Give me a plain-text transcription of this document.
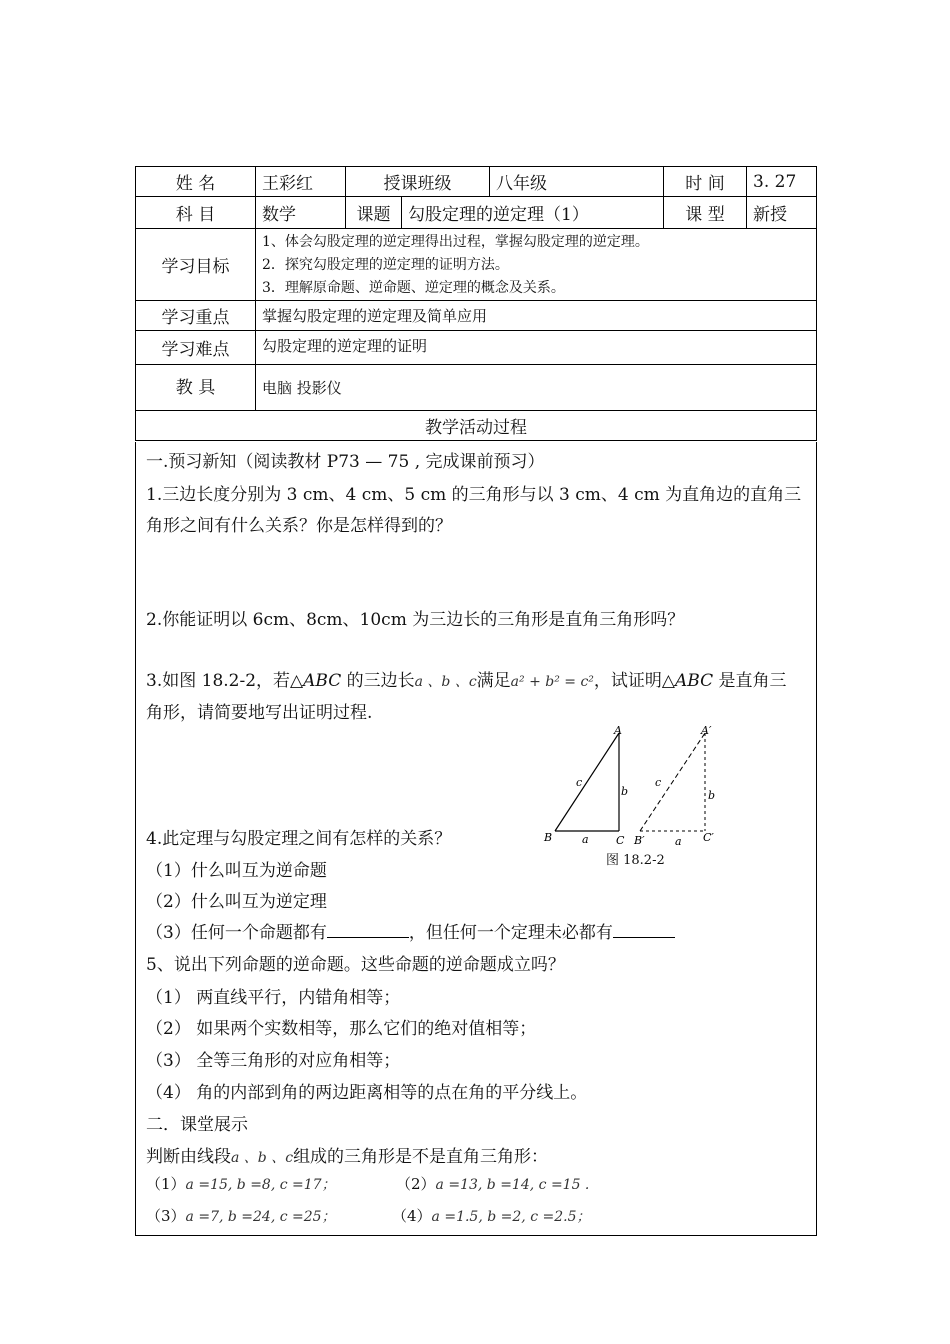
姓 名	王彩红	授课班级		八年级	时 间	3. 27
科 目	数学	课题	勾股定理的逆定理（1）		课 型	新授
学习目标	1、体会勾股定理的逆定理得出过程，掌握勾股定理的逆定理。
2．探究勾股定理的逆定理的证明方法。
3．理解原命题、逆命题、逆定理的概念及关系。					

学习重点	掌握勾股定理的逆定理及简单应用					
学习难点	勾股定理的逆定理的证明					
教 具	电脑 投影仪					
教学活动过程						
一.预习新知（阅读教材 P73 — 75 , 完成课前预习）
1.三边长度分别为 3 cm、4 cm、5 cm 的三角形与以 3 cm、4 cm 为直角边的直角三
角形之间有什么关系？你是怎样得到的？
2.你能证明以 6cm、8cm、10cm 为三边长的三角形是直角三角形吗？
3.如图 18.2-2，若△ABC 的三边长a 、b 、c满足a² + b² = c²，试证明△ABC 是直角三
角形，请简要地写出证明过程.
A
B	C
a
b
c
A′
B′	C′
a
b
c
图 18.2-2
4.此定理与勾股定理之间有怎样的关系？
（1）什么叫互为逆命题
（2）什么叫互为逆定理
（3）任何一个命题都有	，但任何一个定理未必都有
5、说出下列命题的逆命题。这些命题的逆命题成立吗？
（1） 两直线平行，内错角相等；
（2） 如果两个实数相等，那么它们的绝对值相等；
（3） 全等三角形的对应角相等；
（4） 角的内部到角的两边距离相等的点在角的平分线上。
二．课堂展示
判断由线段a 、b 、c组成的三角形是不是直角三角形：
（1）a =15, b =8, c =17；	（2）a =13, b =14, c =15 .
（3）a =7, b =24, c =25；	（4）a =1.5, b =2, c =2.5；
